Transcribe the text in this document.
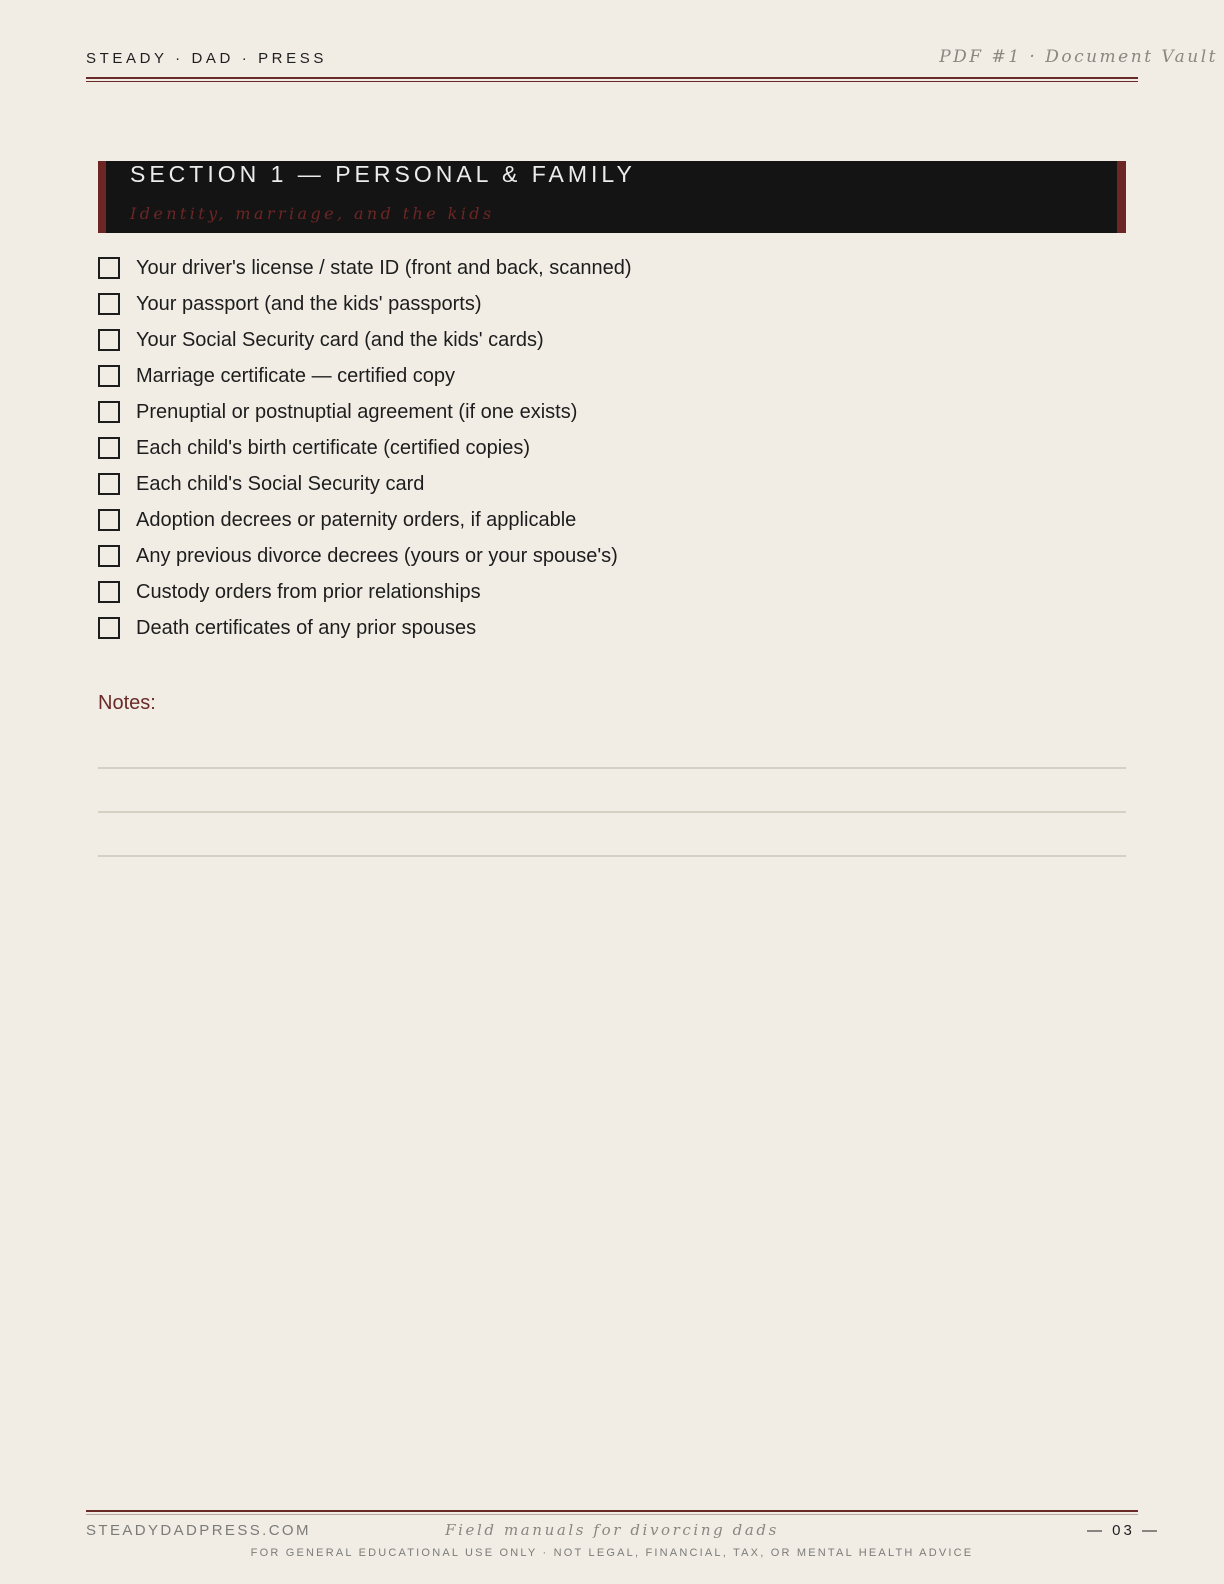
STEADY · DAD · PRESS	PDF #1 · Document Vault
SECTION 1 — PERSONAL & FAMILY
Identity, marriage, and the kids
Your driver's license / state ID (front and back, scanned)
Your passport (and the kids' passports)
Your Social Security card (and the kids' cards)
Marriage certificate — certified copy
Prenuptial or postnuptial agreement (if one exists)
Each child's birth certificate (certified copies)
Each child's Social Security card
Adoption decrees or paternity orders, if applicable
Any previous divorce decrees (yours or your spouse's)
Custody orders from prior relationships
Death certificates of any prior spouses
Notes:
STEADYDADPRESS.COM	Field manuals for divorcing dads	— 03 —
FOR GENERAL EDUCATIONAL USE ONLY · NOT LEGAL, FINANCIAL, TAX, OR MENTAL HEALTH ADVICE
